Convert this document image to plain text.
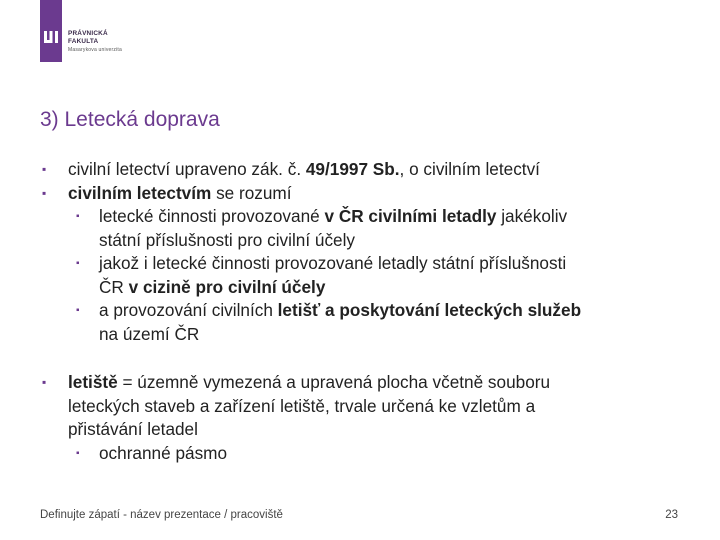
PRÁVNICKÁ
FAKULTA
Masarykova univerzita
3) Letecká doprava
▪ civilní letectví upraveno zák. č. 49/1997 Sb., o civilním letectví
▪ civilním letectvím se rozumí
▪ letecké činnosti provozované v ČR civilními letadly jakékoliv
státní příslušnosti pro civilní účely
▪ jakož i letecké činnosti provozované letadly státní příslušnosti
ČR v cizině pro civilní účely
▪ a provozování civilních letišť a poskytování leteckých služeb
na území ČR
▪ letiště = územně vymezená a upravená plocha včetně souboru
leteckých staveb a zařízení letiště, trvale určená ke vzletům a
přistávání letadel
▪ ochranné pásmo
Definujte zápatí - název prezentace / pracoviště	23
